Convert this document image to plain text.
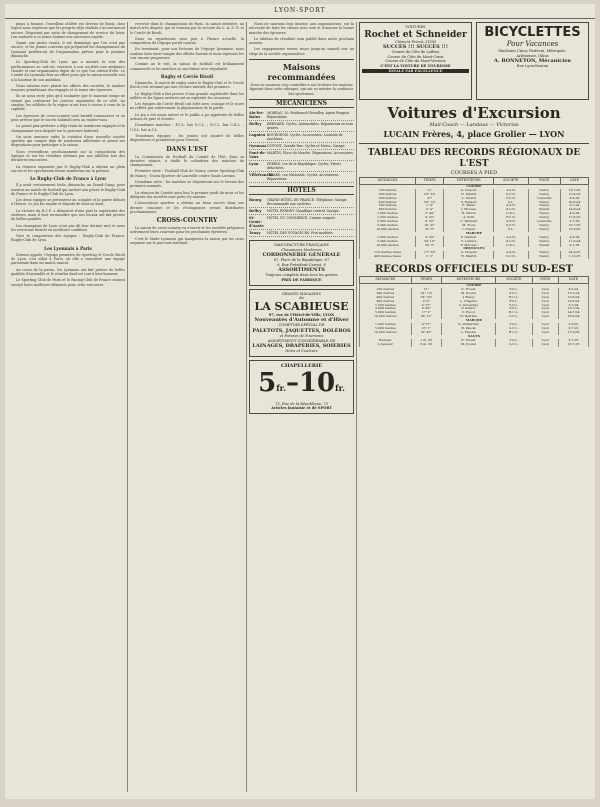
LYON-SPORT

pions à Roanne, l'excellent athlète est devenu de Bozzi, chez lequel nous espérons que les progrès déjà réalisés s'accentueront encore. Disposant par suite de changement de service du loisir, j'en souhaite à ce jeune homme une ascension rapide.

Quant aux pistes vraies, il est dommage que l'on n'ait pas encore, et les jeunes coureurs qui préparent les championnats du Lyonnais profiteront de l'organisation prévue pour le premier dimanche.

Le Sporting-Club de Lyon, qui a montré la voie des performances au sud-est, trouvera à nos sociétés une ambiance chaude et une organisation digne de ce que l'on attend d'elle. Le Comité du Lyonnais fera un effort pour que la saison nouvelle soit à la hauteur de son ambition.

Nous saluons avec plaisir les efforts des sociétés, le nombre toujours grandissant des engagés et la tenue des épreuves.

Ils ne nous reste plus qu'à souhaiter que le mauvais temps ne vienne pas contrarier les courses organisées de ce côté. Au surplus, les athlètes de la région n'ont rien à envier à ceux de la capitale.

Les épreuves de cross-country vont bientôt commencer et on peut prévoir que le succès habituel sera au rendez-vous.

Le grand prix pédestre a déjà réuni de nombreux engagés et le championnat sera disputé sur le parcours habituel.

On nous annonce enfin la création d'une nouvelle société sportive qui compte déjà de nombreux adhérents et prend ses dispositions pour participer à la saison.

Nous reviendrons prochainement sur la composition des équipes et sur les résultats obtenus par nos athlètes lors des dernières rencontres.

La réunion organisée par le Rugby-Club a obtenu un plein succès et les spectateurs furent nombreux sur la pelouse.

Le Rugby-Club de France à Lyon

Il y avait certainement foule, dimanche, au Grand-Camp, pour assister au match de football qui mettait aux prises le Rugby-Club de France et le Rugby-Club de Lyon.

Les deux équipes se présentent au complet et la partie débute à l'heure. Le jeu fut rapide et disputé de bout en bout.

La victoire du R.C.F. a démontré d'une part la supériorité des visiteurs, mais il faut reconnaître que nos locaux ont fait preuve de belles qualités.

Les champions de Lyon n'ont pas dit leur dernier mot et nous les reverrons bientôt en meilleure condition.

Voici la composition des équipes : Rugby-Club de France, Rugby-Club de Lyon.

Les Lyonnais à Paris

Dernier appelé, l'équipe première du Sporting et Cercle Rivoli de Lyon, s'en allait à Paris, où elle a rencontré une équipe parisienne dans un match amical.

Au cours de la partie, les Lyonnais ont fait preuve de belles qualités d'ensemble et le résultat final est tout à leur honneur.

Le Sporting Club de Paris et le Racing-Club de France avaient envoyé leurs meilleurs éléments pour cette rencontre.

recevoir dans le championnat de Paris, la saison dernière, un match très disputé, qui se termina par la victoire du C. A. S. G. et le Cercle de Rivoli.

Nous en reparlerons sous peu à l'heure actuelle, la composition de l'équipe paraît connue.

En terminant, pour nos lecteurs de l'équipe lyonnaise, nous voulons bien tenir compte des efforts fournis et nous espérons les voir encore progresser.

Comme on le voit, la saison de football est brillamment commencée et les matches se succèdent avec régularité.

Rugby et Cercle Rivoli

Dimanche, le match de rugby entre le Rugby-Club et le Cercle Rivoli s'est terminé par une victoire méritée des premiers.

Le Rugby-Club a fait preuve d'une grande supériorité dans les mêlées et les lignes arrières ont su exploiter les occasions.

Les équipes du Cercle Rivoli ont lutté avec courage et le score ne reflète pas entièrement la physionomie de la partie.

Le jeu a été assez ouvert et le public a pu apprécier de belles actions de part et d'autre.

Deuxièmes matches : F.C.L. bat S.C.L. ; R.C.L. bat C.R.L. ; U.S.L. bat A.S.L.

Troisièmes équipes : les jeunes ont montré de belles dispositions et promettent pour l'avenir.

DANS L'EST

La Commission de Football du Comité de l'Est, dans sa dernière séance, a établi le calendrier des matches de championnat.

Première série : Football-Club de Nancy contre Sporting-Club de Nancy ; Union Sportive de Lunéville contre Stade Lorrain.

Deuxième série : les matches se disputeront sur le terrain des premiers nommés.

La réunion du Comité aura lieu le premier jeudi du mois et les délégués des sociétés sont priés d'y assister.

L'Association sportive a obtenu un beau succès dans son dernier concours et les récompenses seront distribuées prochainement.

CROSS-COUNTRY

La saison de cross-country va s'ouvrir et les sociétés préparent activement leurs coureurs pour les prochaines épreuves.

C'est le Stade Lyonnais qui inaugurera la saison par un cross organisé sur le parcours habituel.

Nous ne saurions trop insister, aux organisateurs, sur la nécessité de faire les choses avec soin et d'assurer la bonne marche des épreuves.

Le tableau de résultats sera publié dans notre prochain numéro.

Les engagements seront reçus jusqu'au samedi soir au siège de la société organisatrice.

Maisons recommandées
Nous ne saurions trop conseiller à nos lecteurs les maisons figurant dans cette rubrique, qui ont su mériter la confiance des sportsmen.
MÉCANICIENS
Aix-les-Bains
MOREAU, 20, Boulevard-Chevalley. Agent Peugeot. Réparations.
Belley	BERNARD. Cycles, Automobiles. Réparations en tous genres.
Lagnieu BOURGEOIS. Cycles. Accessoires. Location de machines.
Oyonnax DUPONT, Grande-Rue. Cycles et Motos. Garage.
Pont-de-Vaux
MARTIN, Place du Marché. Réparations. Accessoires.
Lyon	PERRIN, rue de la République. Cycles. Pièces détachées.
Villefranche
GIRARD, rue Nationale. Cycles. Accessoires. Réparations.
HOTELS
Bourg	GRAND HÔTEL DE FRANCE. Téléphone. Garage. Recommandé aux cyclistes.
Belley	HÔTEL PERNET. Chauffage central. Garage.
St-Genis-d'Aoste
HÔTEL DU COMMERCE. Cuisine soignée.
Tenay	HÔTEL DES VOYAGEURS. Prix modérés.
MANUFACTURE FRANÇAISE
Chaussures Modernes
CORDONNERIE GÉNÉRALE
67, Place de la République, 67
6, Rue Président-Carnot, 6
ASSORTIMENTS
Toujours complets dans tous les genres
PRIX DE FABRIQUE
GRANDS MAGASINS
de
LA SCABIEUSE
97, rue de l'Hôtel-de-Ville, LYON
Nouveautés d'Automne et d'Hiver
COMPTOIR SPÉCIAL DE
PALETOTS, JAQUETTES, BOLÉROS
et Parures de Fourrures
ASSORTIMENT CONSIDÉRABLE DE
LAINAGES, DRAPERIES, SOIERIES
Noirs et Couleurs
CHAPELLERIE
5fr.–10fr.
73, Rue de la République, 73
Articles fantaisie et de SPORT
VOITURES
Rochet et Schneider
Clément Frérot, LYON
SUCCÈS !!! SUCCÈS !!!
Course de Côte de Laffrey
Course de Côte du Mont-Cenis
Course de Côte du Mont-Ventoux
C'EST LA VOITURE DE TOURISME
IDÉALE PAR EXCELLENCE
BICYCLETTES
Pour Vacances
Machines Cinor, Parfecta, Métropole,
Arlésienne, Gibus
A. BONNETON, Mécanicien
Rue Lyon-Bouton
Voitures d'Excursion
Mail-Coach — Landaus — Victorias
LUCAIN Frères, 4, place Grolier — LYON
TABLEAU DES RECORDS RÉGIONAUX DE L'EST
COURSES À PIED
DISTANCES	TEMPS	DÉTENTEURS	SOCIÉTÉ	PISTE	DATE
COURSE					
100 mètres	11"	G. Dupont	A.S.N.	Nancy	19-7-03
200 mètres	23" 2/5	H. Martin	S.C.N.	Nancy	12-9-03
300 mètres	37"	L. Girard	F.C.N.	Lunéville	6-9-03
400 mètres	53" 1/5	P. Renaud	S.L.	Nancy	20-6-04
500 mètres	1' 9"	E. Blanc	A.S.N.	Nancy	3-7-04
800 mètres	2' 4"	J. Moreau	S.C.N.	Épinal	14-8-04
1.000 mètres	2' 44"	R. Simon	U.S.L.	Nancy	4-9-04
1.500 mètres	4' 20"	A. Petit	F.C.N.	Nancy	17-6-05
3.000 mètres	9' 35"	C. Bernard	A.S.N.	Lunéville	2-7-05
5.000 mètres	16' 41"	M. Roux	S.C.N.	Nancy	16-7-05
10.000 mètres	35' 8"	L. Faure	S.L.	Nancy	10-9-05
MARCHE					
1.000 mètres	4' 29"	P. Garnier	A.S.N.	Nancy	4-6-04
5.000 mètres	24' 10"	V. Lefèvre	S.C.N.	Nancy	11-6-04
10.000 mètres	50' 3"	F. Mercier	U.S.L.	Épinal	9-7-05
OBSTACLES					
110 mètres haies	17" 3/5	G. Dupont	A.S.N.	Nancy	24-9-05
400 mètres haies	1' 2"	H. Martin	S.C.N.	Nancy	1-10-05
RECORDS OFFICIELS DU SUD-EST
DISTANCES	TEMPS	DÉTENTEURS	SOCIÉTÉ	PISTE	DATE
COURSE					
100 mètres	11"	E. Forest	F.C.L.	Lyon	8-5-04
200 mètres	24" 1/5	M. Poulet	S.C.L.	Lyon	15-5-04
400 mètres	54" 3/5	J. Bessy	R.C.L.	Lyon	12-6-04
800 mètres	2' 6"	L. Chapuis	F.C.L.	Lyon	19-6-04
1.500 mètres	4' 27"	A. Duvernay	S.C.L.	Lyon	3-7-04
3.000 mètres	9' 49"	P. Guillot	F.C.L.	Lyon	10-7-04
5.000 mètres	17' 2"	C. Revol	R.C.L.	Lyon	24-7-04
10.000 mètres	36' 15"	H. Berthet	S.C.L.	Lyon	18-9-04
MARCHE					
1.000 mètres	4' 37"	G. Vuillermet	F.C.L.	Lyon	5-6-05
5.000 mètres	25' 1"	B. Pascal	S.C.L.	Lyon	2-7-05
10.000 mètres	52' 40"	L. Fayolle	R.C.L.	Lyon	17-9-05
SAUTS					
Hauteur	1 m. 65	E. Forest	F.C.L.	Lyon	9-7-05
Longueur	6 m. 20	M. Poulet	S.C.L.	Lyon	16-7-05
